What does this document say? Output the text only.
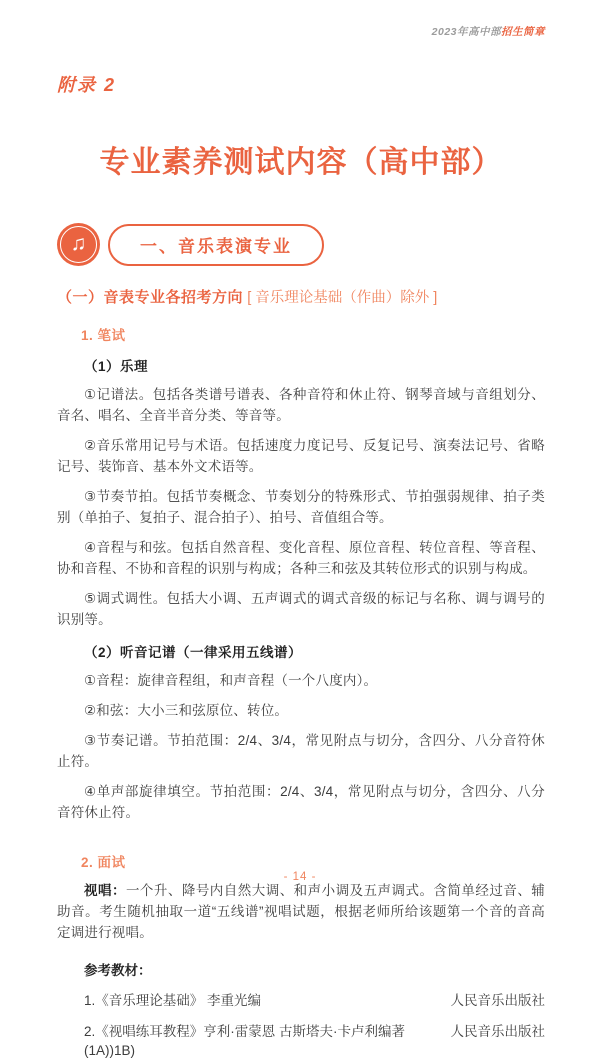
2023年高中部招生简章
附录 2
专业素养测试内容（高中部）
♫	一、音乐表演专业
（一）音表专业各招考方向 [ 音乐理论基础（作曲）除外 ]
1. 笔试
（1）乐理

①记谱法。包括各类谱号谱表、各种音符和休止符、钢琴音域与音组划分、音名、唱名、全音半音分类、等音等。

②音乐常用记号与术语。包括速度力度记号、反复记号、演奏法记号、省略记号、装饰音、基本外文术语等。

③节奏节拍。包括节奏概念、节奏划分的特殊形式、节拍强弱规律、拍子类别（单拍子、复拍子、混合拍子）、拍号、音值组合等。

④音程与和弦。包括自然音程、变化音程、原位音程、转位音程、等音程、协和音程、不协和音程的识别与构成；各种三和弦及其转位形式的识别与构成。

⑤调式调性。包括大小调、五声调式的调式音级的标记与名称、调与调号的识别等。

（2）听音记谱（一律采用五线谱）

①音程：旋律音程组，和声音程（一个八度内）。

②和弦：大小三和弦原位、转位。

③节奏记谱。节拍范围：2/4、3/4，常见附点与切分，含四分、八分音符休止符。

④单声部旋律填空。节拍范围：2/4、3/4，常见附点与切分，含四分、八分音符休止符。

2. 面试

视唱：一个升、降号内自然大调、和声小调及五声调式。含简单经过音、辅助音。考生随机抽取一道“五线谱”视唱试题，根据老师所给该题第一个音的音高定调进行视唱。

参考教材：
1.《音乐理论基础》 李重光编	人民音乐出版社
2.《视唱练耳教程》亨利·雷蒙恩 古斯塔夫·卡卢利编著 (1A))1B)
人民音乐出版社
- 14 -
